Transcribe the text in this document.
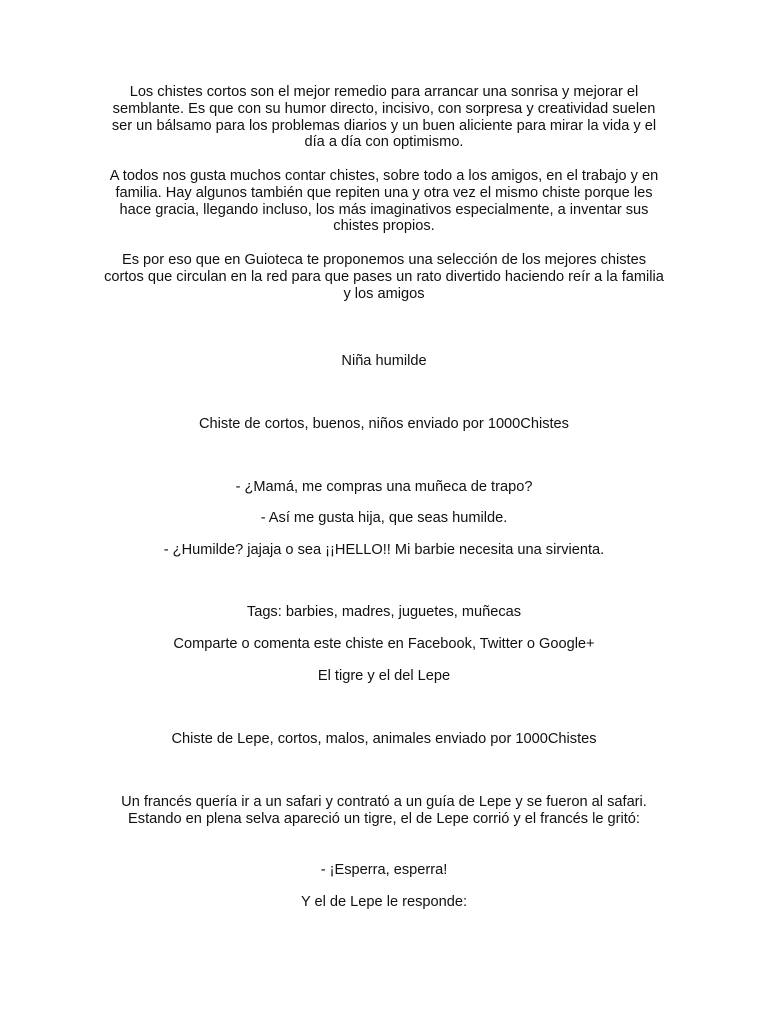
Los chistes cortos son el mejor remedio para arrancar una sonrisa y mejorar el semblante. Es que con su humor directo, incisivo, con sorpresa y creatividad suelen ser un bálsamo para los problemas diarios y un buen aliciente para mirar la vida y el día a día con optimismo.

A todos nos gusta muchos contar chistes, sobre todo a los amigos, en el trabajo y en familia. Hay algunos también que repiten una y otra vez el mismo chiste porque les hace gracia, llegando incluso, los más imaginativos especialmente, a inventar sus chistes propios.

Es por eso que en Guioteca te proponemos una selección de los mejores chistes cortos que circulan en la red para que pases un rato divertido haciendo reír a la familia y los amigos

Niña humilde

Chiste de cortos, buenos, niños enviado por 1000Chistes

- ¿Mamá, me compras una muñeca de trapo?

- Así me gusta hija, que seas humilde.

- ¿Humilde? jajaja o sea ¡¡HELLO!! Mi barbie necesita una sirvienta.

Tags: barbies, madres, juguetes, muñecas

Comparte o comenta este chiste en Facebook, Twitter o Google+

El tigre y el del Lepe

Chiste de Lepe, cortos, malos, animales enviado por 1000Chistes

Un francés quería ir a un safari y contrató a un guía de Lepe y se fueron al safari. Estando en plena selva apareció un tigre, el de Lepe corrió y el francés le gritó:

- ¡Esperra, esperra!

Y el de Lepe le responde:
